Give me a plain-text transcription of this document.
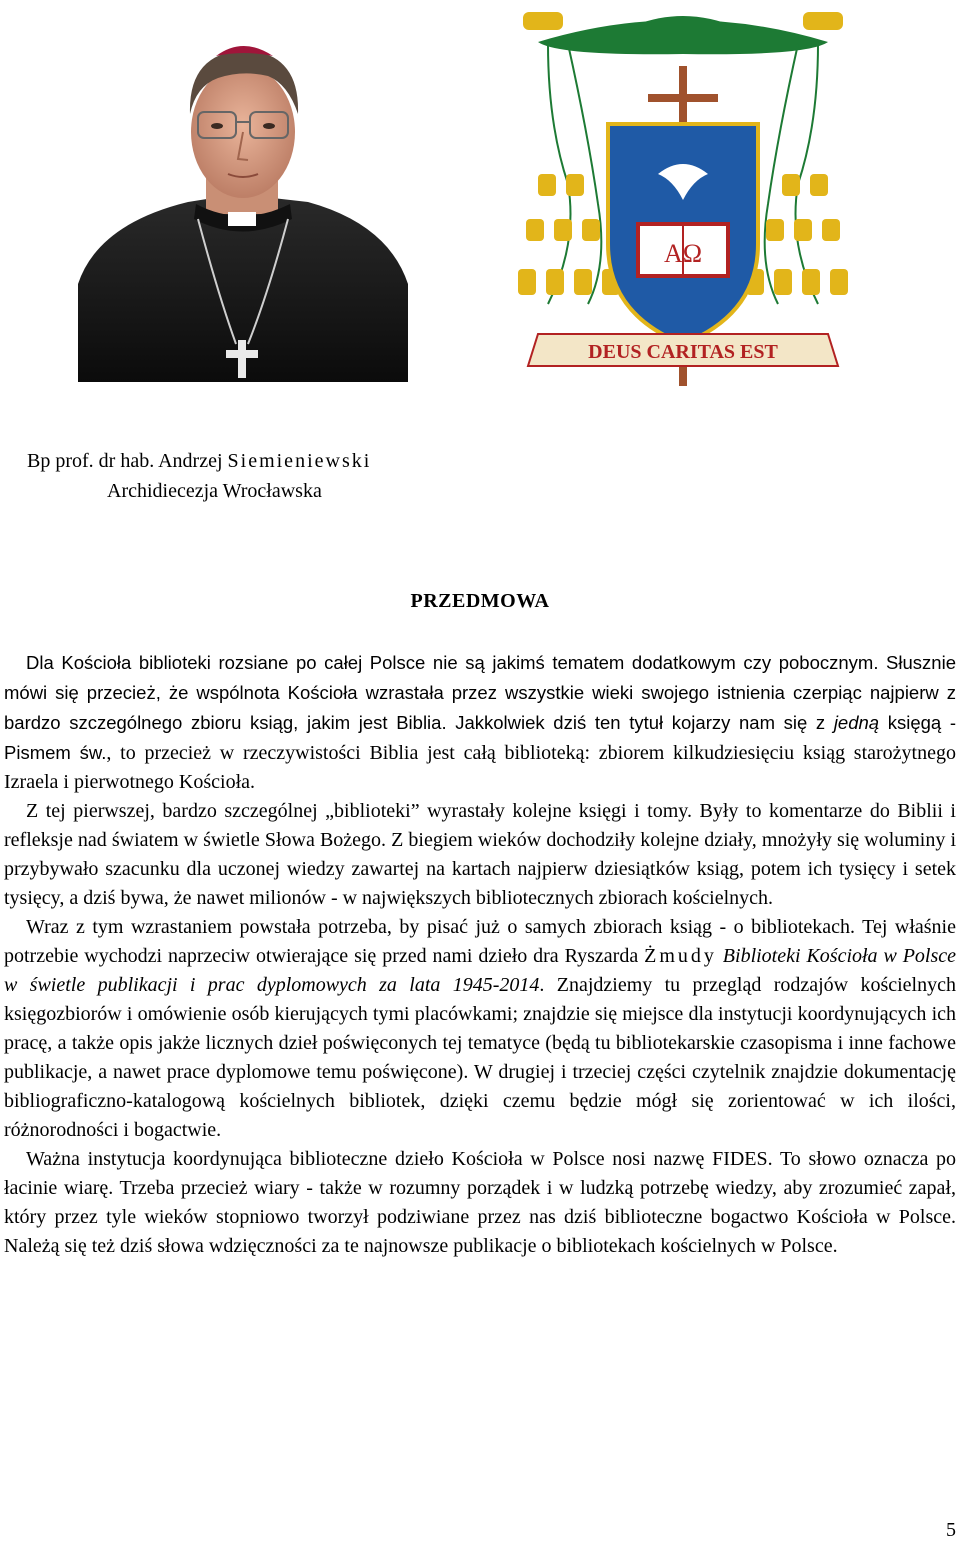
AΩ
DEUS CARITAS EST
Bp prof. dr hab. Andrzej Siemieniewski
Archidiecezja Wrocławska
PRZEDMOWA

Dla Kościoła biblioteki rozsiane po całej Polsce nie są jakimś tematem dodatkowym czy pobocznym. Słusznie mówi się przecież, że wspólnota Kościoła wzrastała przez wszystkie wieki swojego istnienia czerpiąc najpierw z bardzo szczególnego zbioru ksiąg, jakim jest Biblia. Jakkolwiek dziś ten tytuł kojarzy nam się z jedną księgą - Pismem św., to przecież w rzeczywistości Biblia jest całą biblioteką: zbiorem kilkudziesięciu ksiąg starożytnego Izraela i pierwotnego Kościoła.

Z tej pierwszej, bardzo szczególnej „biblioteki” wyrastały kolejne księgi i tomy. Były to komentarze do Biblii i refleksje nad światem w świetle Słowa Bożego. Z biegiem wieków dochodziły kolejne działy, mnożyły się woluminy i przybywało szacunku dla uczonej wiedzy zawartej na kartach najpierw dziesiątków ksiąg, potem ich tysięcy i setek tysięcy, a dziś bywa, że nawet milionów - w największych bibliotecznych zbiorach kościelnych.

Wraz z tym wzrastaniem powstała potrzeba, by pisać już o samych zbiorach ksiąg - o bibliotekach. Tej właśnie potrzebie wychodzi naprzeciw otwierające się przed nami dzieło dra Ryszarda Żmudy Biblioteki Kościoła w Polsce w świetle publikacji i prac dyplomowych za lata 1945-2014. Znajdziemy tu przegląd rodzajów kościelnych księgozbiorów i omówienie osób kierujących tymi placówkami; znajdzie się miejsce dla instytucji koordynujących ich pracę, a także opis jakże licznych dzieł poświęconych tej tematyce (będą tu bibliotekarskie czasopisma i inne fachowe publikacje, a nawet prace dyplomowe temu poświęcone). W drugiej i trzeciej części czytelnik znajdzie dokumentację bibliograficzno-katalogową kościelnych bibliotek, dzięki czemu będzie mógł się zorientować w ich ilości, różnorodności i bogactwie.

Ważna instytucja koordynująca biblioteczne dzieło Kościoła w Polsce nosi nazwę FIDES. To słowo oznacza po łacinie wiarę. Trzeba przecież wiary - także w rozumny porządek i w ludzką potrzebę wiedzy, aby zrozumieć zapał, który przez tyle wieków stopniowo tworzył podziwiane przez nas dziś biblioteczne bogactwo Kościoła w Polsce. Należą się też dziś słowa wdzięczności za te najnowsze publikacje o bibliotekach kościelnych w Polsce.

5
